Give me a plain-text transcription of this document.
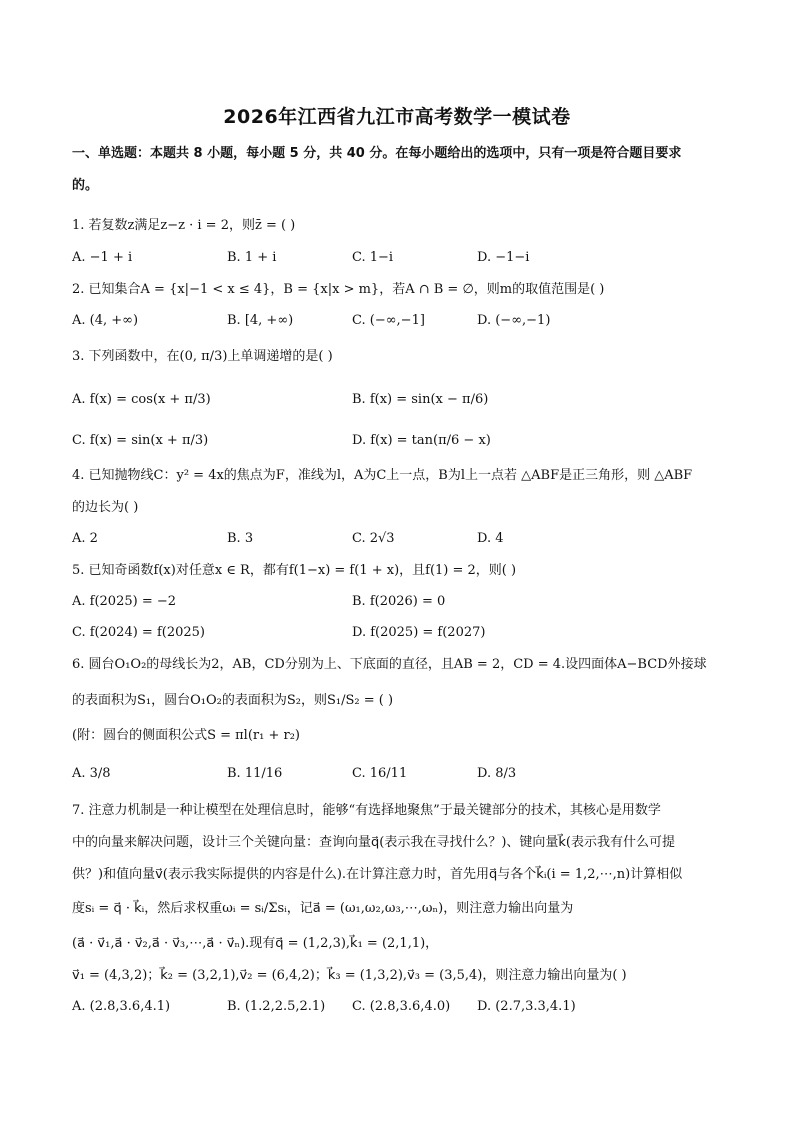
2026年江西省九江市高考数学一模试卷
一、单选题：本题共 8 小题，每小题 5 分，共 40 分。在每小题给出的选项中，只有一项是符合题目要求
的。
1. 若复数z满足z−z · i = 2，则z̄ = ( )
A. −1 + i	B. 1 + i	C. 1−i	D. −1−i
2. 已知集合A = {x|−1 < x ≤ 4}，B = {x|x > m}，若A ∩ B = ∅，则m的取值范围是( )
A. (4, +∞)	B. [4, +∞)	C. (−∞,−1]	D. (−∞,−1)
3. 下列函数中，在(0, π/3)上单调递增的是( )
A. f(x) = cos(x + π/3)	B. f(x) = sin(x − π/6)
C. f(x) = sin(x + π/3)	D. f(x) = tan(π/6 − x)
4. 已知抛物线C：y² = 4x的焦点为F，准线为l，A为C上一点，B为l上一点若 △ABF是正三角形，则 △ABF
的边长为( )
A. 2	B. 3	C. 2√3	D. 4
5. 已知奇函数f(x)对任意x ∈ R，都有f(1−x) = f(1 + x)，且f(1) = 2，则( )
A. f(2025) = −2	B. f(2026) = 0
C. f(2024) = f(2025)	D. f(2025) = f(2027)
6. 圆台O₁O₂的母线长为2，AB，CD分别为上、下底面的直径，且AB = 2，CD = 4.设四面体A−BCD外接球
的表面积为S₁，圆台O₁O₂的表面积为S₂，则S₁/S₂ = ( )
(附：圆台的侧面积公式S = πl(r₁ + r₂)
A. 3/8	B. 11/16	C. 16/11	D. 8/3
7. 注意力机制是一种让模型在处理信息时，能够“有选择地聚焦”于最关键部分的技术，其核心是用数学
中的向量来解决问题，设计三个关键向量：查询向量q⃗(表示我在寻找什么？)、键向量k⃗(表示我有什么可提
供？)和值向量v⃗(表示我实际提供的内容是什么).在计算注意力时，首先用q⃗与各个k⃗ᵢ(i = 1,2,⋯,n)计算相似
度sᵢ = q⃗ · k⃗ᵢ，然后求权重ωᵢ = sᵢ/Σsᵢ，记a⃗ = (ω₁,ω₂,ω₃,⋯,ωₙ)，则注意力输出向量为
(a⃗ · v⃗₁,a⃗ · v⃗₂,a⃗ · v⃗₃,⋯,a⃗ · v⃗ₙ).现有q⃗ = (1,2,3),k⃗₁ = (2,1,1)，
v⃗₁ = (4,3,2)；k⃗₂ = (3,2,1),v⃗₂ = (6,4,2)；k⃗₃ = (1,3,2),v⃗₃ = (3,5,4)，则注意力输出向量为( )
A. (2.8,3.6,4.1)	B. (1.2,2.5,2.1) C. (2.8,3.6,4.0) D. (2.7,3.3,4.1)
